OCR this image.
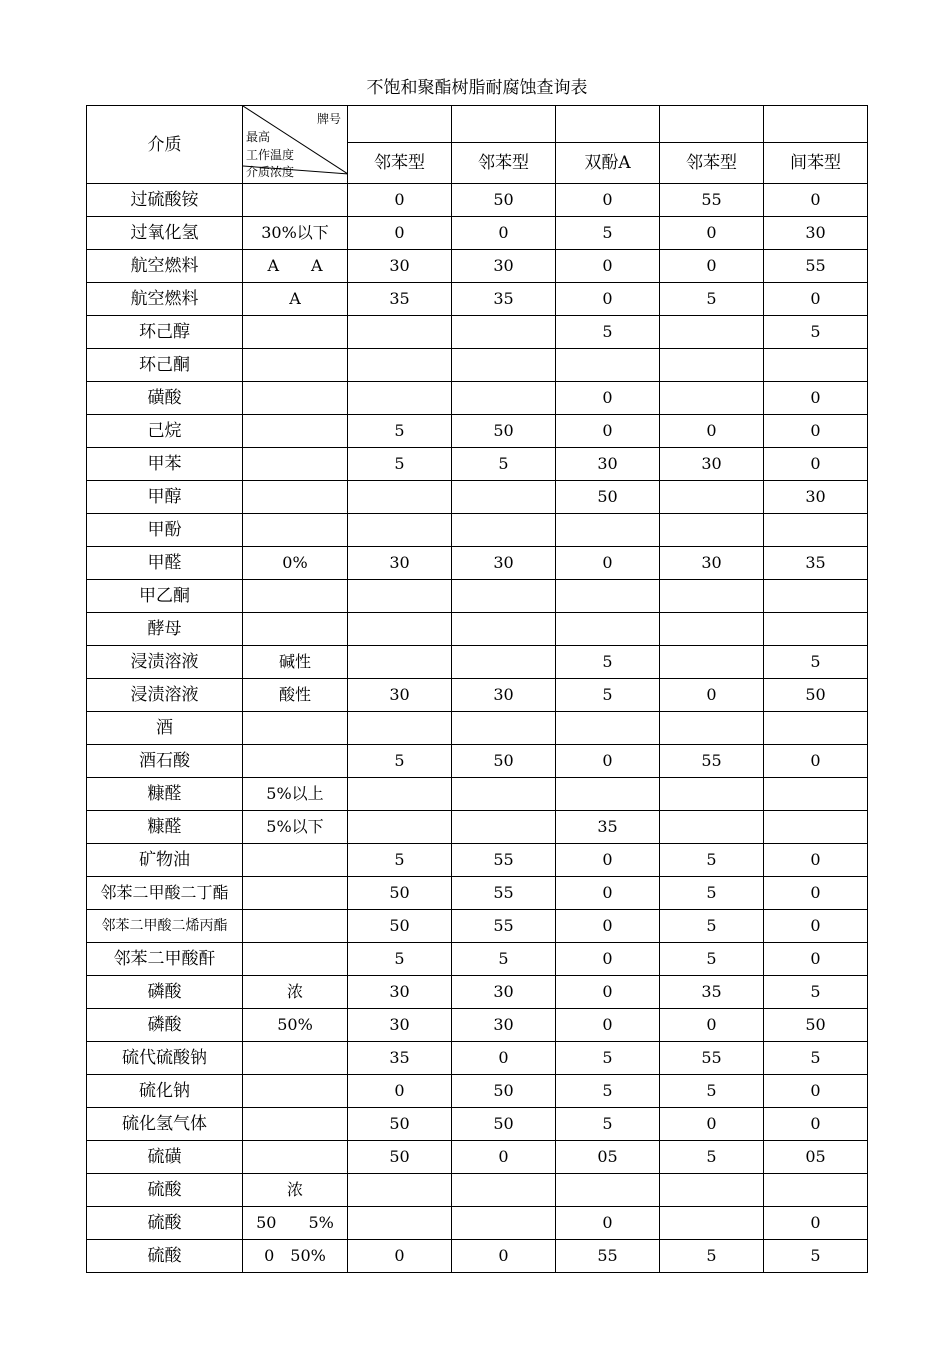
不饱和聚酯树脂耐腐蚀查询表
介质	牌号
最高
工作温度
介质浓度					

		邻苯型	邻苯型	双酚A	邻苯型	间苯型
过硫酸铵		0	50	0	55	0
过氧化氢	30%以下	0	0	5	0	30
航空燃料	A　　A	30	30	0	0	55
航空燃料	A	35	35	0	5	0
环己醇				5		5
环己酮						
磺酸				0		0
己烷		5	50	0	0	0
甲苯		5	5	30	30	0
甲醇				50		30
甲酚						
甲醛	0%	30	30	0	30	35
甲乙酮						
酵母						
浸渍溶液	碱性			5		5
浸渍溶液	酸性	30	30	5	0	50
酒						
酒石酸		5	50	0	55	0
糠醛	5%以上					
糠醛	5%以下			35		
矿物油		5	55	0	5	0
邻苯二甲酸二丁酯		50	55	0	5	0
邻苯二甲酸二烯丙酯		50	55	0	5	0
邻苯二甲酸酐		5	5	0	5	0
磷酸	浓	30	30	0	35	5
磷酸	50%	30	30	0	0	50
硫代硫酸钠		35	0	5	55	5
硫化钠		0	50	5	5	0
硫化氢气体		50	50	5	0	0
硫磺		50	0	05	5	05
硫酸	浓					
硫酸	50　　5%			0		0
硫酸	0　50%	0	0	55	5	5
